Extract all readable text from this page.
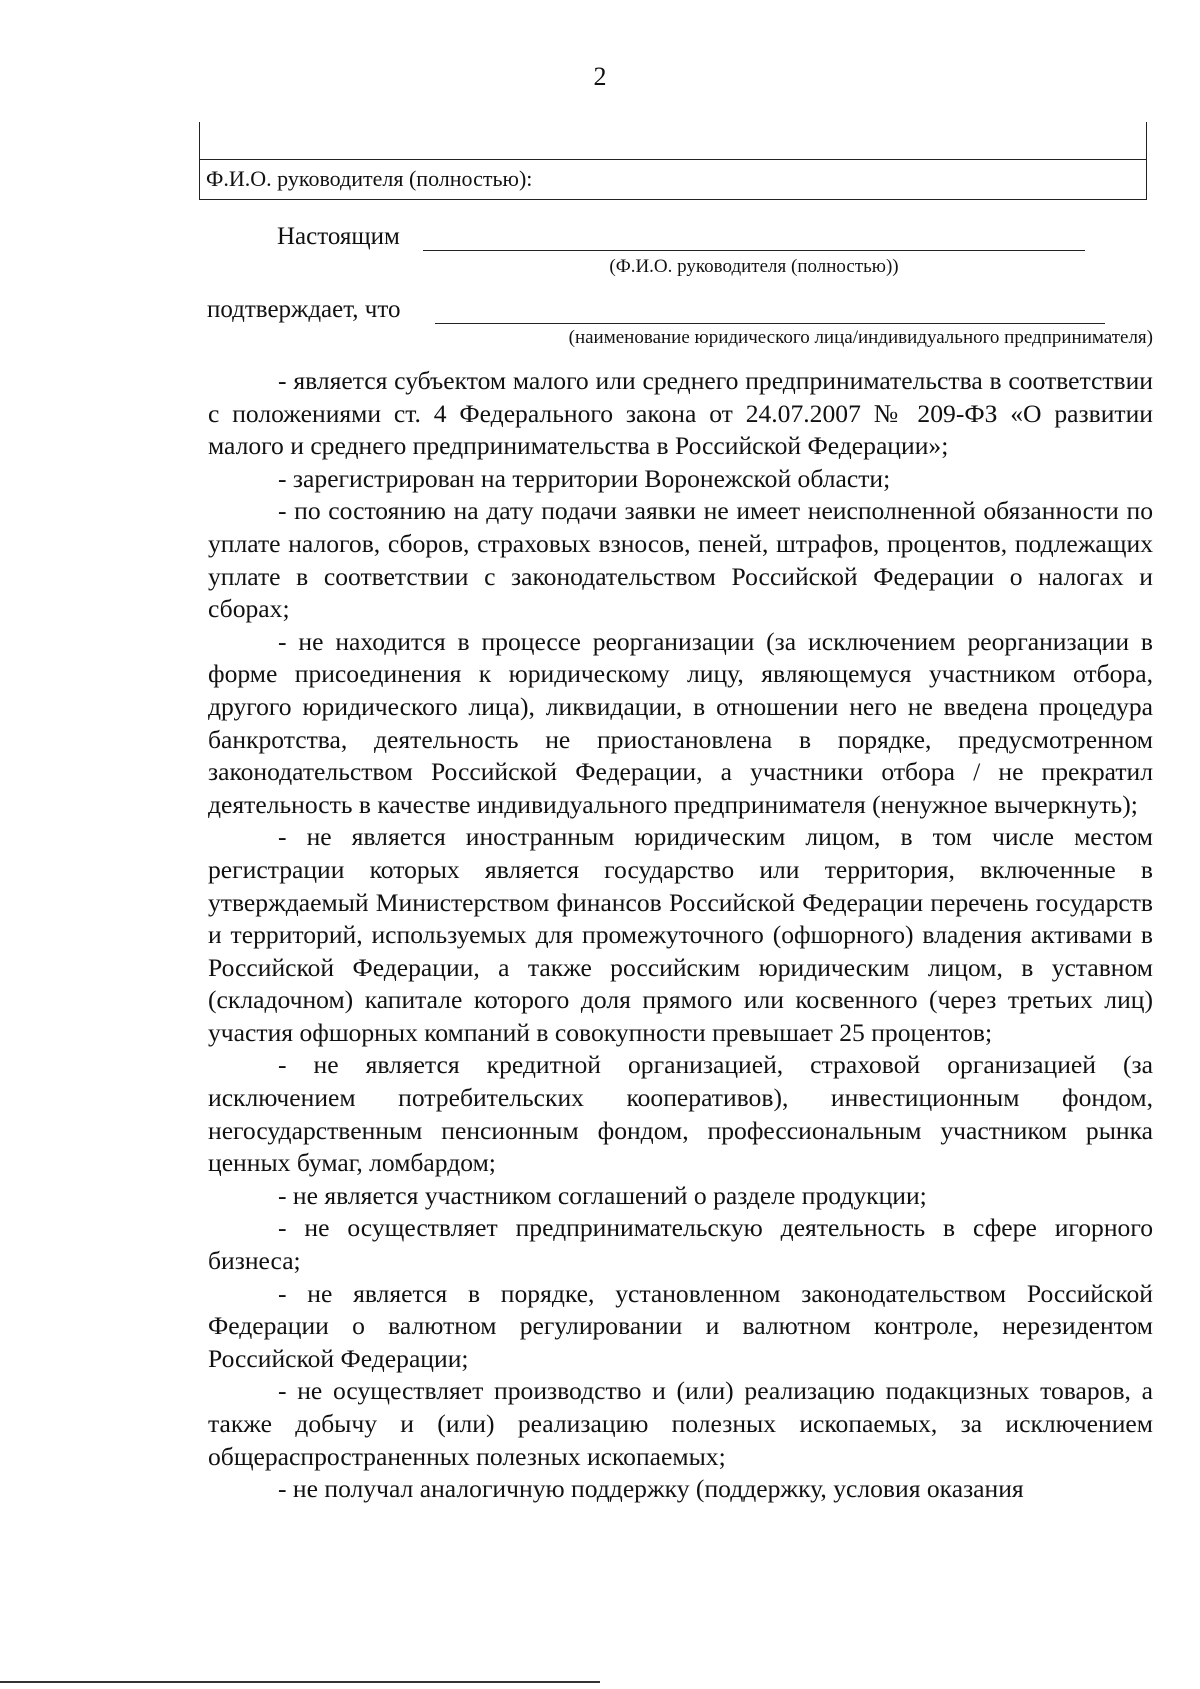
2
Ф.И.О. руководителя (полностью):
Настоящим
(Ф.И.О. руководителя (полностью))
подтверждает, что
(наименование юридического лица/индивидуального предпринимателя)

- является субъектом малого или среднего предпринимательства в соответствии с положениями ст. 4 Федерального закона от 24.07.2007 № 209-ФЗ «О развитии малого и среднего предпринимательства в Российской Федерации»;

- зарегистрирован на территории Воронежской области;

- по состоянию на дату подачи заявки не имеет неисполненной обязанности по уплате налогов, сборов, страховых взносов, пеней, штрафов, процентов, подлежащих уплате в соответствии с законодательством Российской Федерации о налогах и сборах;

- не находится в процессе реорганизации (за исключением реорганизации в форме присоединения к юридическому лицу, являющемуся участником отбора, другого юридического лица), ликвидации, в отношении него не введена процедура банкротства, деятельность не приостановлена в порядке, предусмотренном законодательством Российской Федерации, а участники отбора / не прекратил деятельность в качестве индивидуального предпринимателя (ненужное вычеркнуть);

- не является иностранным юридическим лицом, в том числе местом регистрации которых является государство или территория, включенные в утверждаемый Министерством финансов Российской Федерации перечень государств и территорий, используемых для промежуточного (офшорного) владения активами в Российской Федерации, а также российским юридическим лицом, в уставном (складочном) капитале которого доля прямого или косвенного (через третьих лиц) участия офшорных компаний в совокупности превышает 25 процентов;

- не является кредитной организацией, страховой организацией (за исключением потребительских кооперативов), инвестиционным фондом, негосударственным пенсионным фондом, профессиональным участником рынка ценных бумаг, ломбардом;

- не является участником соглашений о разделе продукции;

- не осуществляет предпринимательскую деятельность в сфере игорного бизнеса;

- не является в порядке, установленном законодательством Российской Федерации о валютном регулировании и валютном контроле, нерезидентом Российской Федерации;

- не осуществляет производство и (или) реализацию подакцизных товаров, а также добычу и (или) реализацию полезных ископаемых, за исключением общераспространенных полезных ископаемых;

- не получал аналогичную поддержку (поддержку, условия оказания
